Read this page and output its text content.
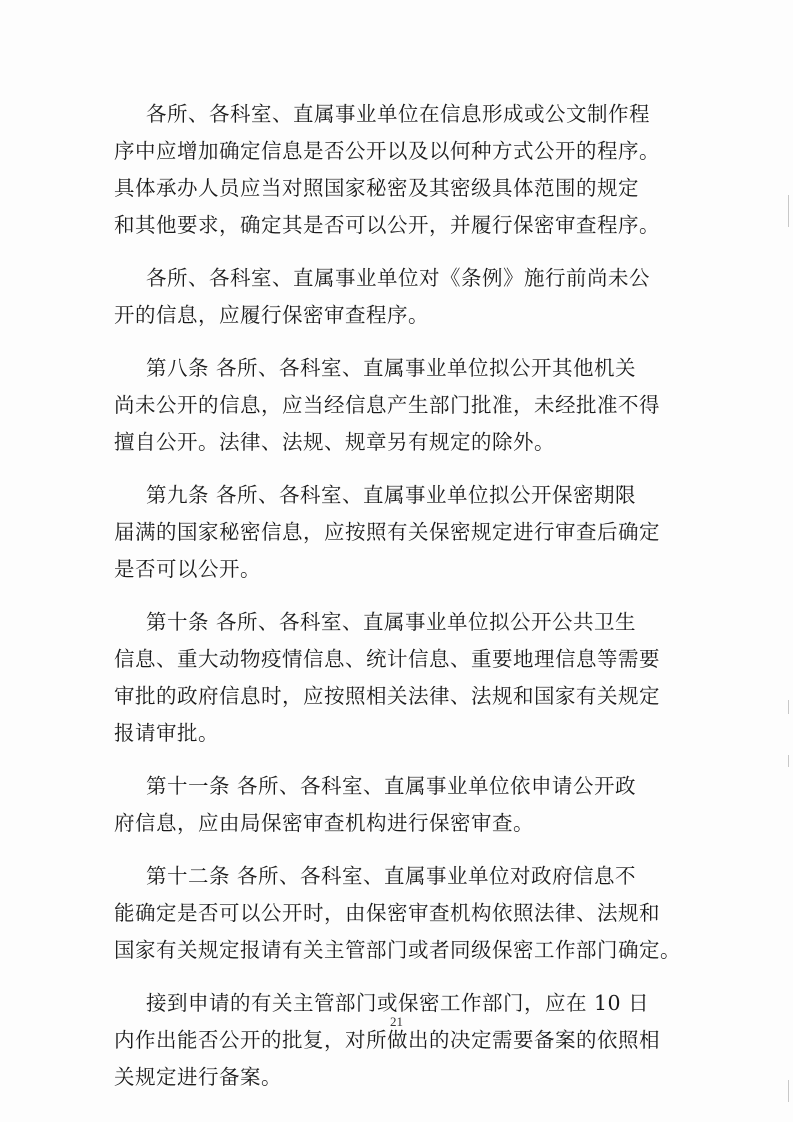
各所、各科室、直属事业单位在信息形成或公文制作程
序中应增加确定信息是否公开以及以何种方式公开的程序。
具体承办人员应当对照国家秘密及其密级具体范围的规定
和其他要求，确定其是否可以公开，并履行保密审查程序。
各所、各科室、直属事业单位对《条例》施行前尚未公
开的信息，应履行保密审查程序。
第八条 各所、各科室、直属事业单位拟公开其他机关
尚未公开的信息，应当经信息产生部门批准，未经批准不得
擅自公开。法律、法规、规章另有规定的除外。
第九条 各所、各科室、直属事业单位拟公开保密期限
届满的国家秘密信息，应按照有关保密规定进行审查后确定
是否可以公开。
第十条 各所、各科室、直属事业单位拟公开公共卫生
信息、重大动物疫情信息、统计信息、重要地理信息等需要
审批的政府信息时，应按照相关法律、法规和国家有关规定
报请审批。
第十一条 各所、各科室、直属事业单位依申请公开政
府信息，应由局保密审查机构进行保密审查。
第十二条 各所、各科室、直属事业单位对政府信息不
能确定是否可以公开时，由保密审查机构依照法律、法规和
国家有关规定报请有关主管部门或者同级保密工作部门确定。
接到申请的有关主管部门或保密工作部门，应在 10 日
内作出能否公开的批复，对所做出的决定需要备案的依照相
关规定进行备案。
21
